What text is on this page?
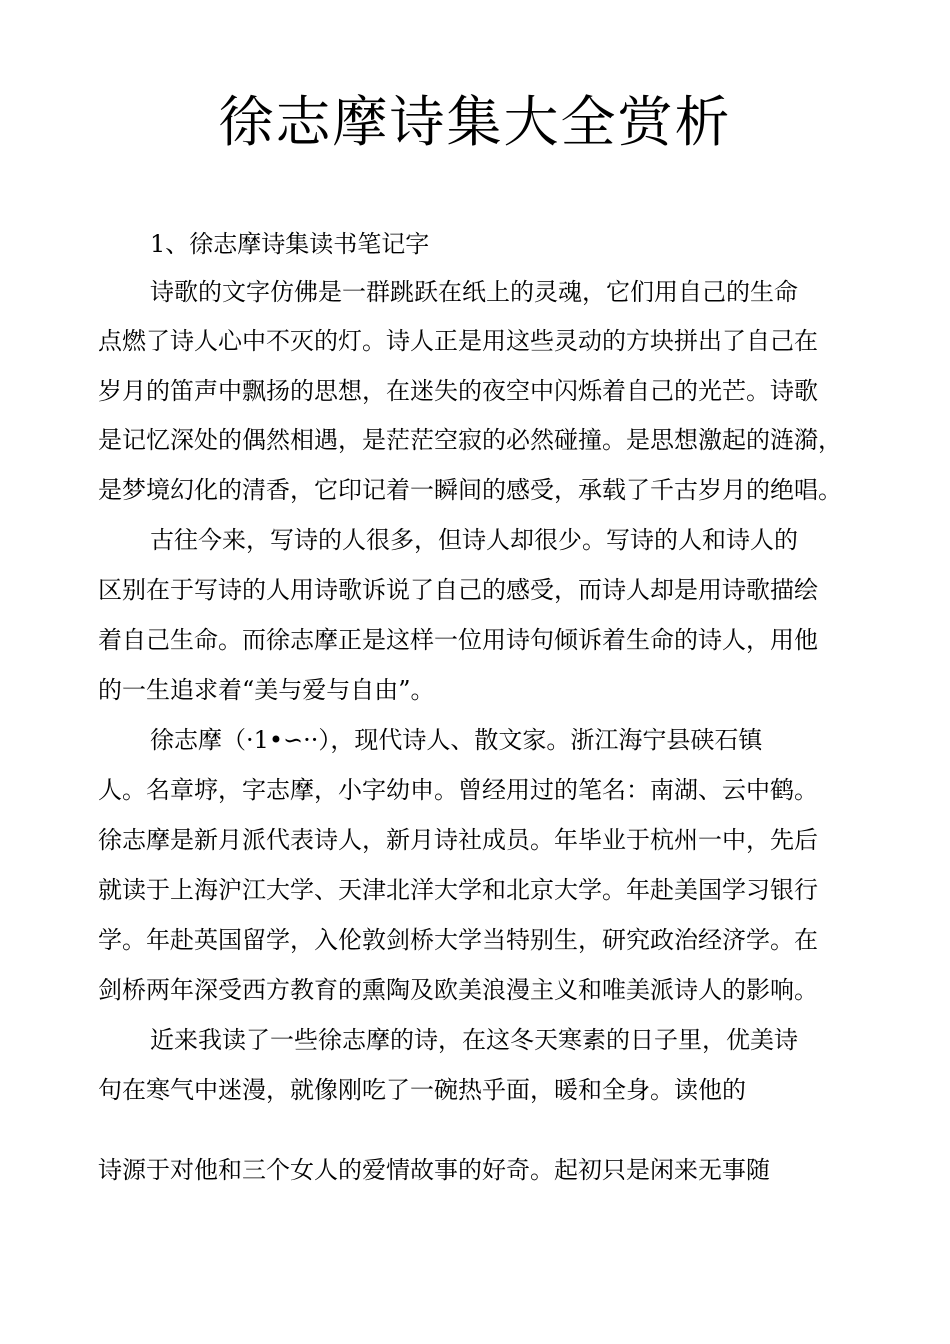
徐志摩诗集大全赏析

1、徐志摩诗集读书笔记字

诗歌的文字仿佛是一群跳跃在纸上的灵魂，它们用自己的生命

点燃了诗人心中不灭的灯。诗人正是用这些灵动的方块拼出了自己在

岁月的笛声中飘扬的思想，在迷失的夜空中闪烁着自己的光芒。诗歌

是记忆深处的偶然相遇，是茫茫空寂的必然碰撞。是思想激起的涟漪，

是梦境幻化的清香，它印记着一瞬间的感受，承载了千古岁月的绝唱。

古往今来，写诗的人很多，但诗人却很少。写诗的人和诗人的

区别在于写诗的人用诗歌诉说了自己的感受，而诗人却是用诗歌描绘

着自己生命。而徐志摩正是这样一位用诗句倾诉着生命的诗人，用他

的一生追求着“美与爱与自由”。

徐志摩（·1•∽··），现代诗人、散文家。浙江海宁县硖石镇

人。名章垿，字志摩，小字幼申。曾经用过的笔名：南湖、云中鹤。

徐志摩是新月派代表诗人，新月诗社成员。年毕业于杭州一中，先后

就读于上海沪江大学、天津北洋大学和北京大学。年赴美国学习银行

学。年赴英国留学，入伦敦剑桥大学当特别生，研究政治经济学。在

剑桥两年深受西方教育的熏陶及欧美浪漫主义和唯美派诗人的影响。

近来我读了一些徐志摩的诗，在这冬天寒素的日子里，优美诗

句在寒气中迷漫，就像刚吃了一碗热乎面，暖和全身。读他的

诗源于对他和三个女人的爱情故事的好奇。起初只是闲来无事随
